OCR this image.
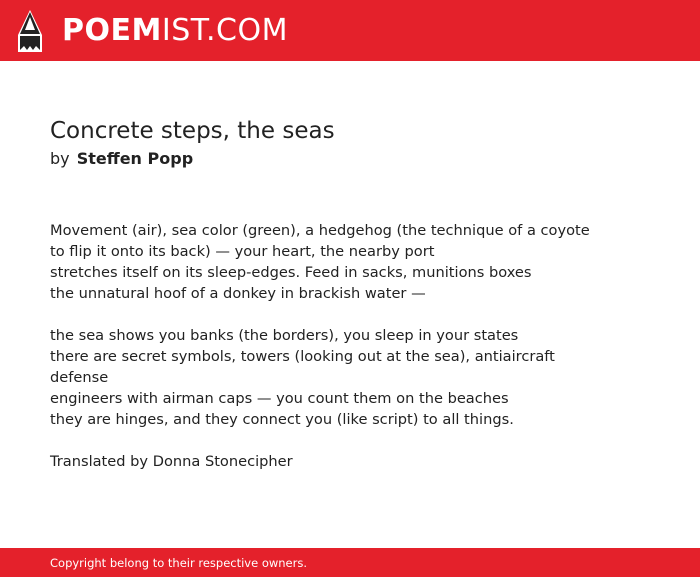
POEMIST.COM
Concrete steps, the seas
by Steffen Popp
Movement (air), sea color (green), a hedgehog (the technique of a coyote
to flip it onto its back) — your heart, the nearby port
stretches itself on its sleep-edges. Feed in sacks, munitions boxes
the unnatural hoof of a donkey in brackish water —
the sea shows you banks (the borders), you sleep in your states
there are secret symbols, towers (looking out at the sea), antiaircraft
defense
engineers with airman caps — you count them on the beaches
they are hinges, and they connect you (like script) to all things.
Translated by Donna Stonecipher
Copyright belong to their respective owners.
